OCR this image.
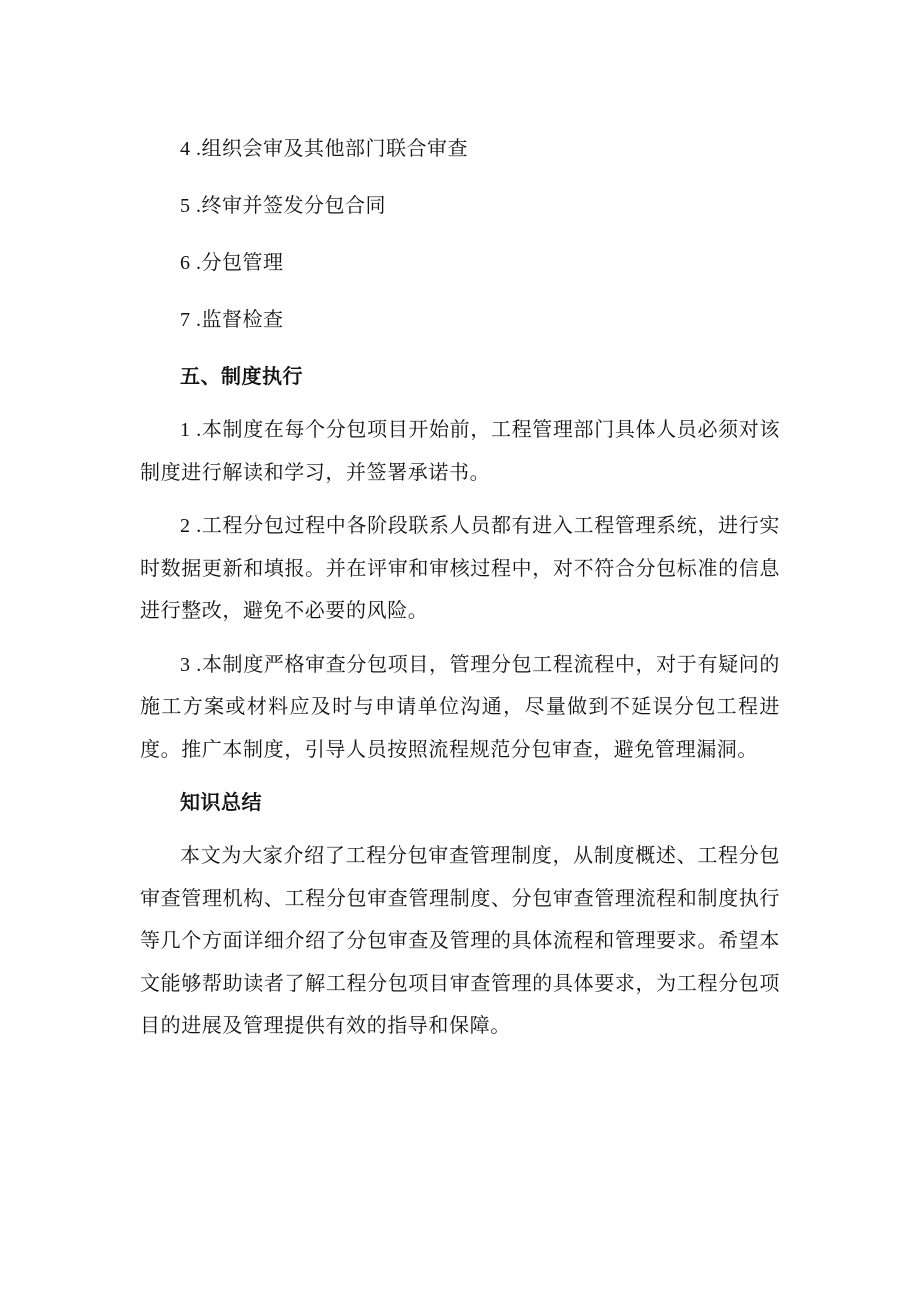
4 .组织会审及其他部门联合审查

5 .终审并签发分包合同

6 .分包管理

7 .监督检查

五、制度执行

1 .本制度在每个分包项目开始前，工程管理部门具体人员必须对该制度进行解读和学习，并签署承诺书。

2 .工程分包过程中各阶段联系人员都有进入工程管理系统，进行实时数据更新和填报。并在评审和审核过程中，对不符合分包标准的信息进行整改，避免不必要的风险。

3 .本制度严格审查分包项目，管理分包工程流程中，对于有疑问的施工方案或材料应及时与申请单位沟通，尽量做到不延误分包工程进度。推广本制度，引导人员按照流程规范分包审查，避免管理漏洞。

知识总结

本文为大家介绍了工程分包审查管理制度，从制度概述、工程分包审查管理机构、工程分包审查管理制度、分包审查管理流程和制度执行等几个方面详细介绍了分包审查及管理的具体流程和管理要求。希望本文能够帮助读者了解工程分包项目审查管理的具体要求，为工程分包项目的进展及管理提供有效的指导和保障。
